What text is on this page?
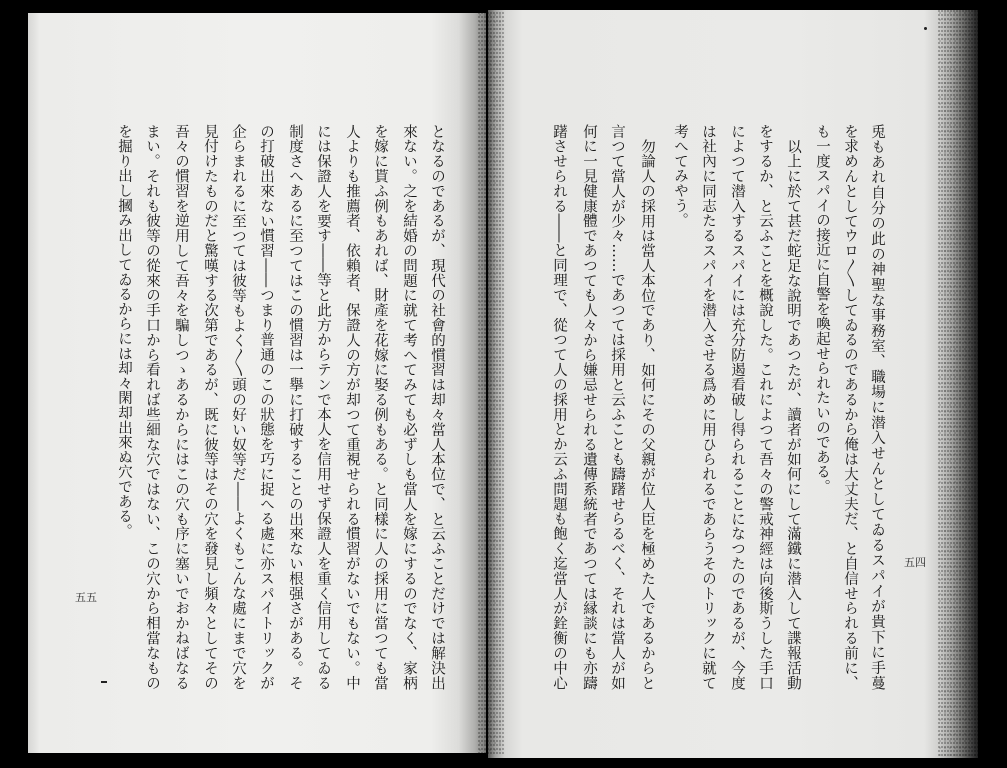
兎もあれ自分の此の神聖な事務室、職場に潜入せんとしてゐるスパイが貴下に手蔓
を求めんとしてウロ〱してゐるのであるから俺は大丈夫だ、と自信せられる前に、
も一度スパイの接近に自警を喚起せられたいのである。
以上に於て甚だ蛇足な說明であつたが、讀者が如何にして滿鐵に潜入して諜報活動
をするか、と云ふことを概說した。これによつて吾々の警戒神經は向後斯うした手口
によつて潜入するスパイには充分防遏看破し得られることになつたのであるが、今度
は社內に同志たるスパイを潜入させる爲めに用ひられるであらうそのトリックに就て
考へてみやう。
勿論人の採用は當人本位であり、如何にその父親が位人臣を極めた人であるからと
言つて當人が少々……であつては採用と云ふことも躊躇せらるべく、それは當人が如
何に一見健康體であつても人々から嫌忌せられる遺傳系統者であつては縁談にも亦躊
躇させられる――と同理で、從つて人の採用とか云ふ問題も飽く迄當人が銓衡の中心	五四
となるのであるが、現代の社會的慣習は却々當人本位で、と云ふことだけでは解決出
來ない。之を結婚の問題に就て考へてみても必ずしも當人を嫁にするのでなく、家柄
を嫁に貰ふ例もあれば、財產を花嫁に娶る例もある。と同樣に人の採用に當つても當
人よりも推薦者、依賴者、保證人の方が却つて重視せられる慣習がないでもない。中
には保證人を要す――等と此方からテンで本人を信用せず保證人を重く信用してゐる
制度さへあるに至つてはこの慣習は一擧に打破することの出來ない根强さがある。そ
の打破出來ない慣習――つまり普通のこの狀態を巧に捉へる處に亦スパイトリックが
企らまれるに至つては彼等もよく〱頭の好い奴等だ――よくもこんな處にまで穴を
見付けたものだと驚嘆する次第であるが、既に彼等はその穴を發見し頻々としてその
吾々の慣習を逆用して吾々を騙しつゝあるからにはこの穴も序に塞いでおかねばなる
まい。それも彼等の從來の手口から看れば些細な穴ではない、この穴から相當なもの
を掘り出し摑み出してゐるからには却々閑却出來ぬ穴である。
五五
